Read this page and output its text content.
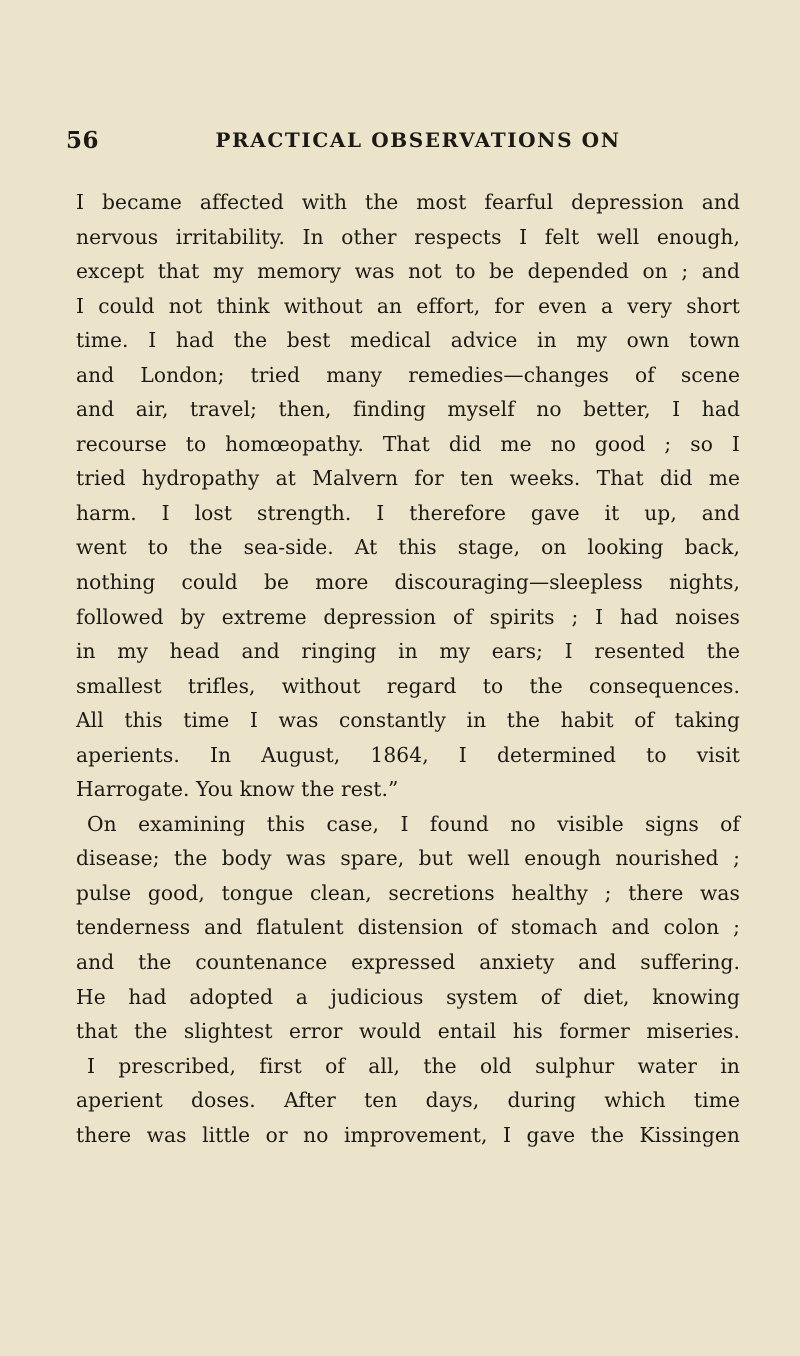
56	PRACTICAL OBSERVATIONS ON
I became affected with the most fearful depression and
nervous irritability. In other respects I felt well enough,
except that my memory was not to be depended on ; and
I could not think without an effort, for even a very short
time. I had the best medical advice in my own town
and London; tried many remedies—changes of scene
and air, travel; then, finding myself no better, I had
recourse to homœopathy. That did me no good ; so I
tried hydropathy at Malvern for ten weeks. That did me
harm. I lost strength. I therefore gave it up, and
went to the sea-side. At this stage, on looking back,
nothing could be more discouraging—sleepless nights,
followed by extreme depression of spirits ; I had noises
in my head and ringing in my ears; I resented the
smallest trifles, without regard to the consequences.
All this time I was constantly in the habit of taking
aperients. In August, 1864, I determined to visit
Harrogate. You know the rest.”
On examining this case, I found no visible signs of
disease; the body was spare, but well enough nourished ;
pulse good, tongue clean, secretions healthy ; there was
tenderness and flatulent distension of stomach and colon ;
and the countenance expressed anxiety and suffering.
He had adopted a judicious system of diet, knowing
that the slightest error would entail his former miseries.
I prescribed, first of all, the old sulphur water in
aperient doses. After ten days, during which time
there was little or no improvement, I gave the Kissingen
